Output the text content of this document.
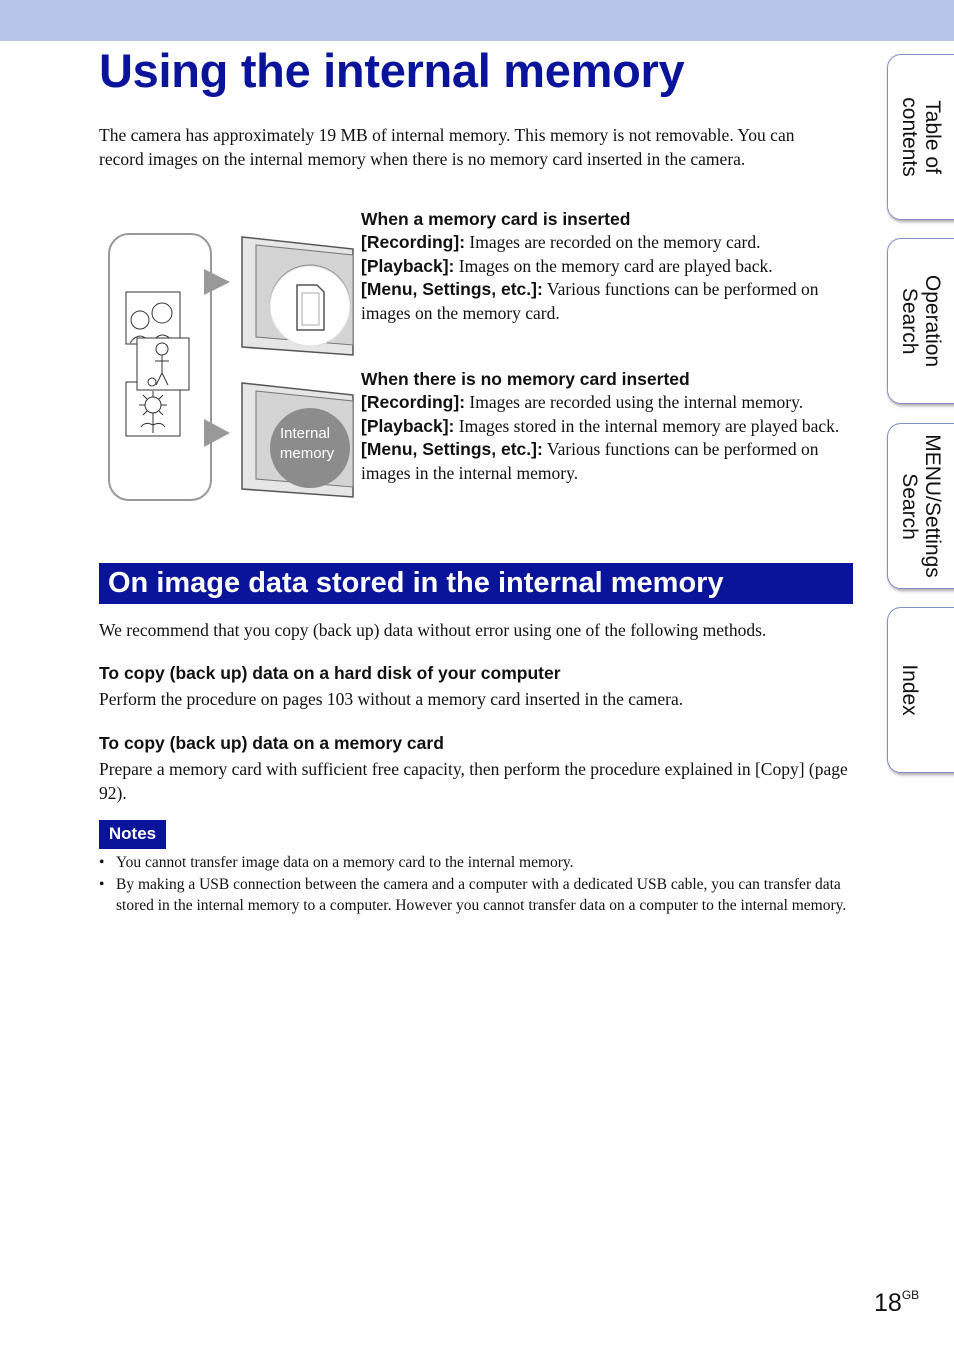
Using the internal memory

The camera has approximately 19 MB of internal memory. This memory is not removable. You can record images on the internal memory when there is no memory card inserted in the camera.

Internal
memory
When a memory card is inserted

[Recording]: Images are recorded on the memory card.

[Playback]: Images on the memory card are played back.

[Menu, Settings, etc.]: Various functions can be performed on images on the memory card.

When there is no memory card inserted

[Recording]: Images are recorded using the internal memory.

[Playback]: Images stored in the internal memory are played back.

[Menu, Settings, etc.]: Various functions can be performed on images in the internal memory.

On image data stored in the internal memory

We recommend that you copy (back up) data without error using one of the following methods.

To copy (back up) data on a hard disk of your computer

Perform the procedure on pages 103 without a memory card inserted in the camera.

To copy (back up) data on a memory card

Prepare a memory card with sufficient free capacity, then perform the procedure explained in [Copy] (page 92).

Notes
• You cannot transfer image data on a memory card to the internal memory.
• By making a USB connection between the camera and a computer with a dedicated USB cable, you can transfer data stored in the internal memory to a computer. However you cannot transfer data on a computer to the internal memory.
Table of
contents
Operation
Search
MENU/Settings
Search
Index
$18^{GB}$
